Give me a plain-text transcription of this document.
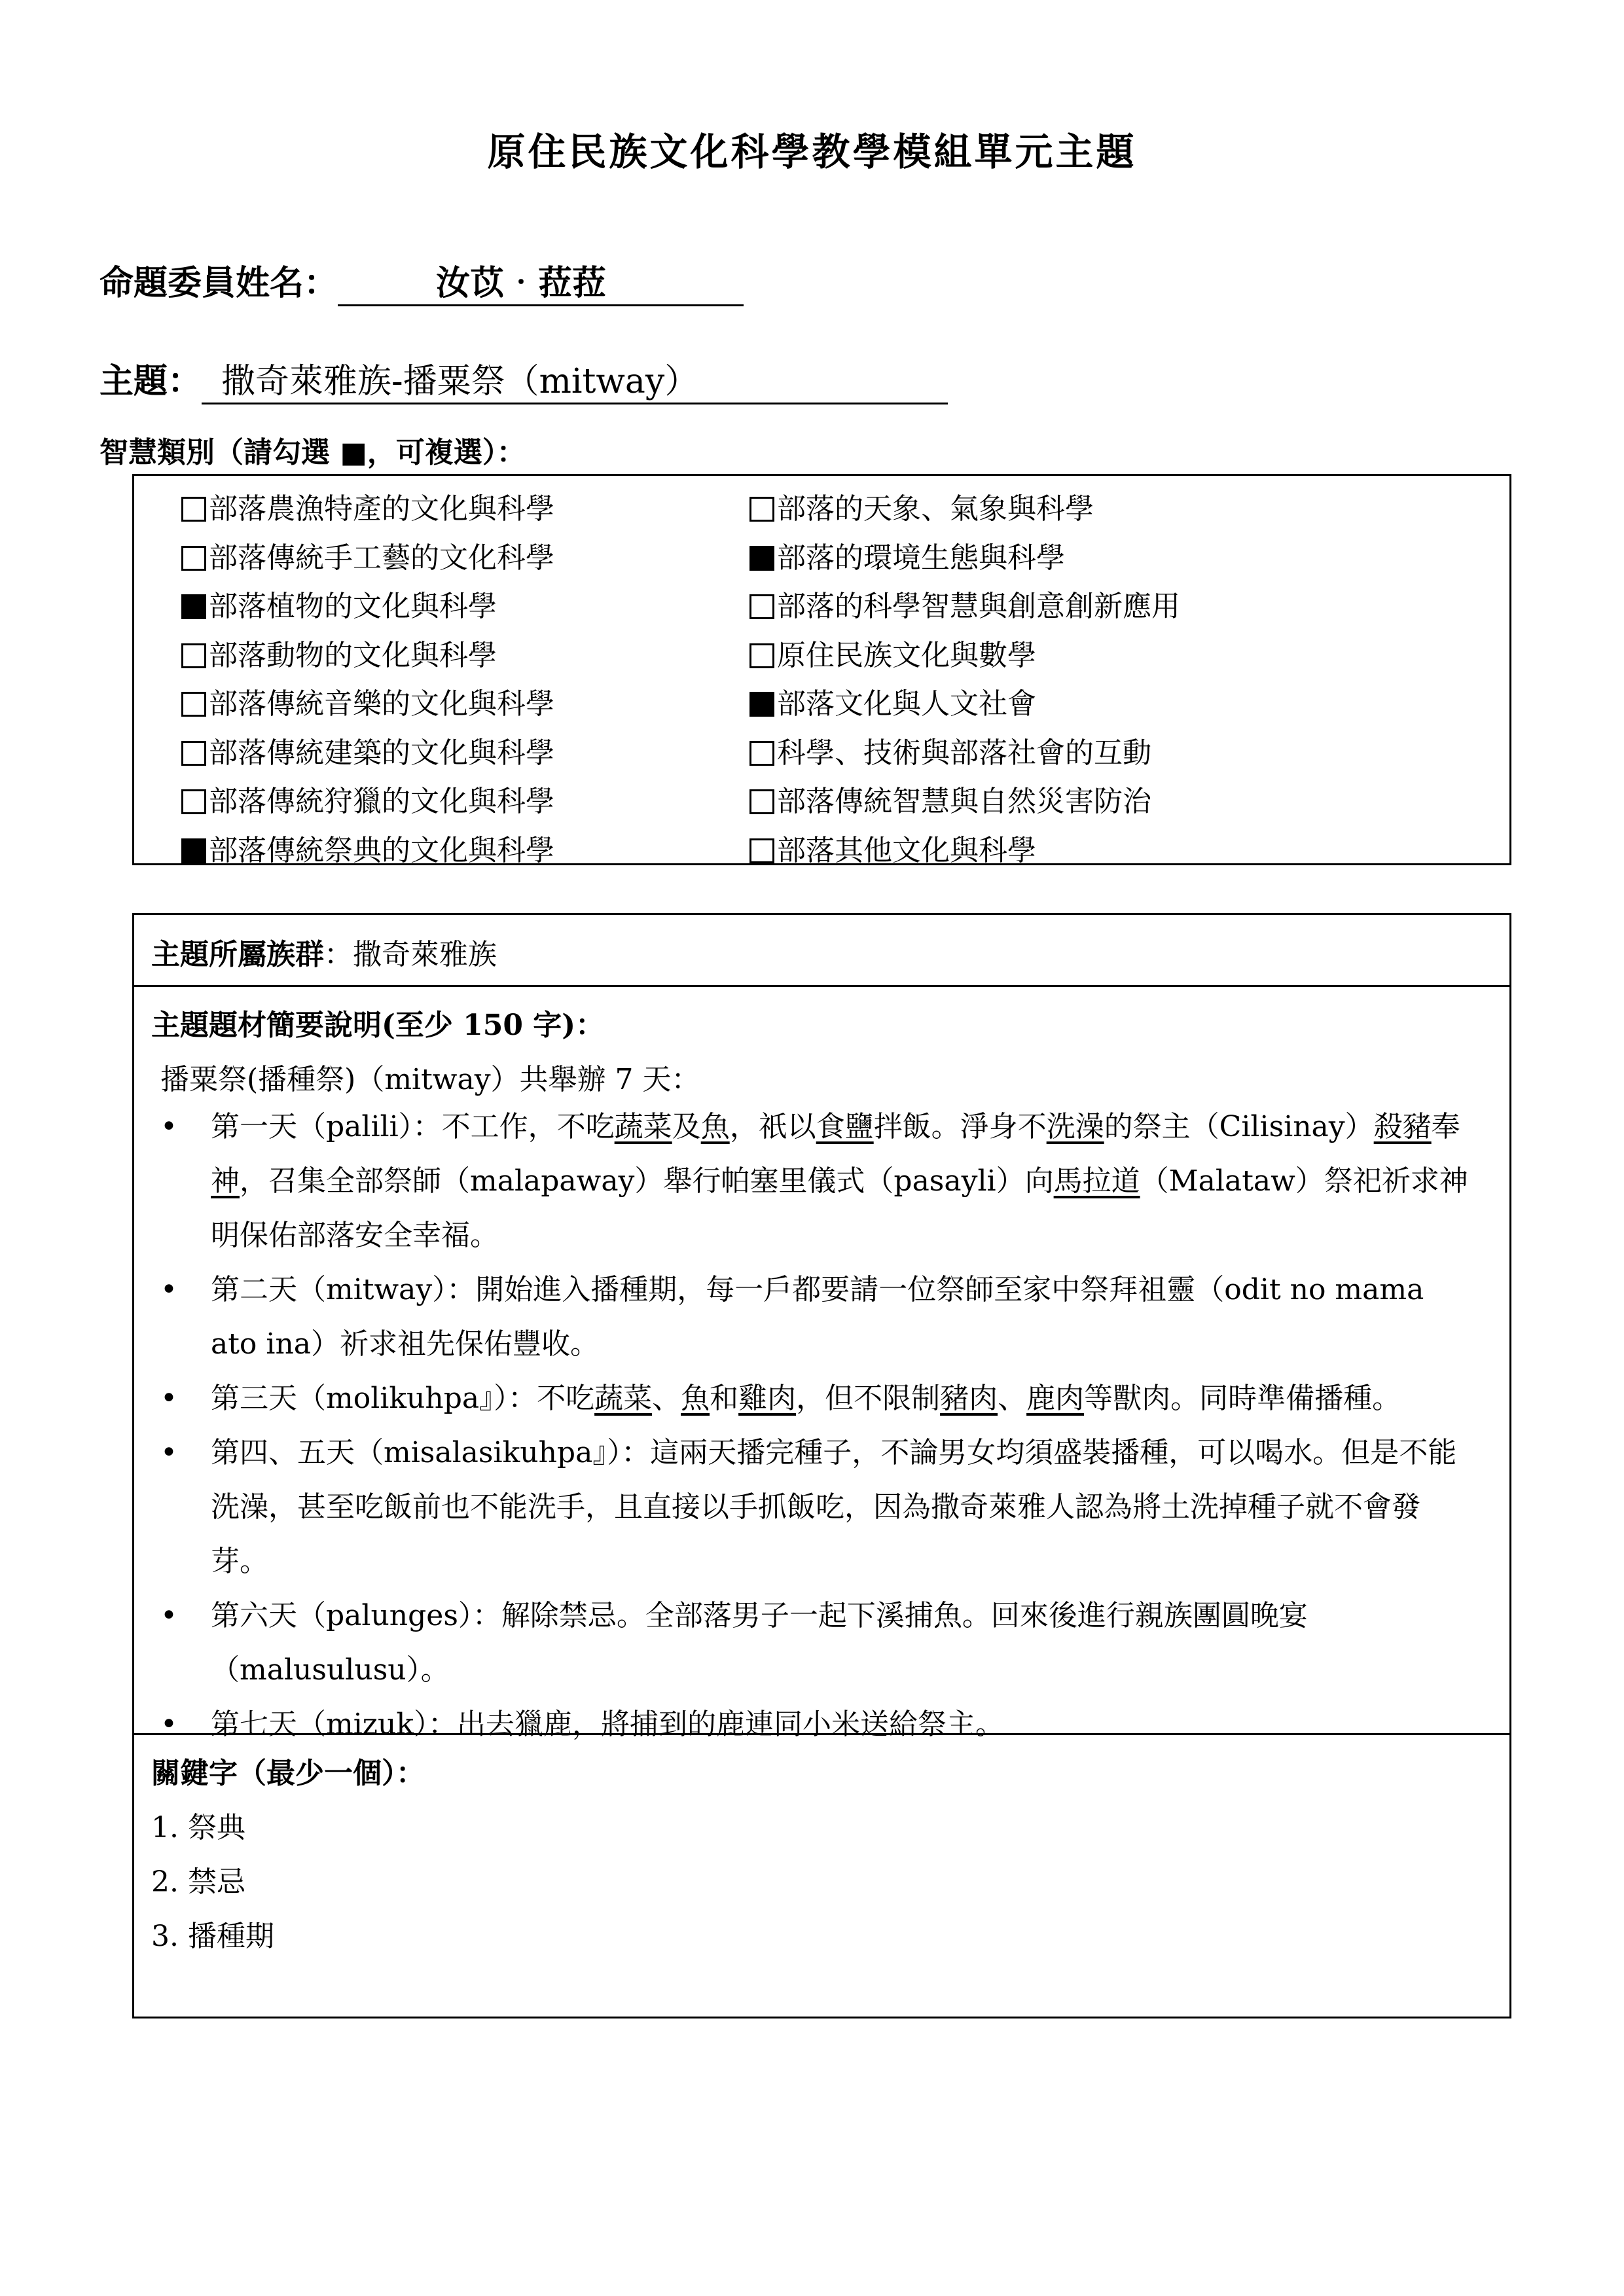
原住民族文化科學教學模組單元主題
命題委員姓名：	汝苡‧菈菈
主題： 撒奇萊雅族-播粟祭（mitway）
智慧類別（請勾選 ■，可複選）：
部落農漁特產的文化與科學	部落的天象、氣象與科學
部落傳統手工藝的文化科學	部落的環境生態與科學
部落植物的文化與科學	部落的科學智慧與創意創新應用
部落動物的文化與科學	原住民族文化與數學
部落傳統音樂的文化與科學	部落文化與人文社會
部落傳統建築的文化與科學	科學、技術與部落社會的互動
部落傳統狩獵的文化與科學	部落傳統智慧與自然災害防治
部落傳統祭典的文化與科學	部落其他文化與科學
主題所屬族群：撒奇萊雅族
主題題材簡要說明(至少 150 字)：
播粟祭(播種祭)（mitway）共舉辦 7 天：
• 第一天（palili）：不工作，不吃蔬菜及魚，祇以食鹽拌飯。淨身不洗澡的祭主（Cilisinay）殺豬奉神，召集全部祭師（malapaway）舉行帕塞里儀式（pasayli）向馬拉道（Malataw）祭祀祈求神明保佑部落安全幸福。
• 第二天（mitway）：開始進入播種期，每一戶都要請一位祭師至家中祭拜祖靈（odit no mama ato ina）祈求祖先保佑豐收。
• 第三天（molikuhpa』）：不吃蔬菜、魚和雞肉，但不限制豬肉、鹿肉等獸肉。同時準備播種。
• 第四、五天（misalasikuhpa』）：這兩天播完種子，不論男女均須盛裝播種，可以喝水。但是不能洗澡，甚至吃飯前也不能洗手，且直接以手抓飯吃，因為撒奇萊雅人認為將土洗掉種子就不會發芽。
• 第六天（palunges）：解除禁忌。全部落男子一起下溪捕魚。回來後進行親族團圓晚宴（malusulusu）。
• 第七天（mizuk）：出去獵鹿，將捕到的鹿連同小米送給祭主。
關鍵字（最少一個）：
1. 祭典
2. 禁忌
3. 播種期
